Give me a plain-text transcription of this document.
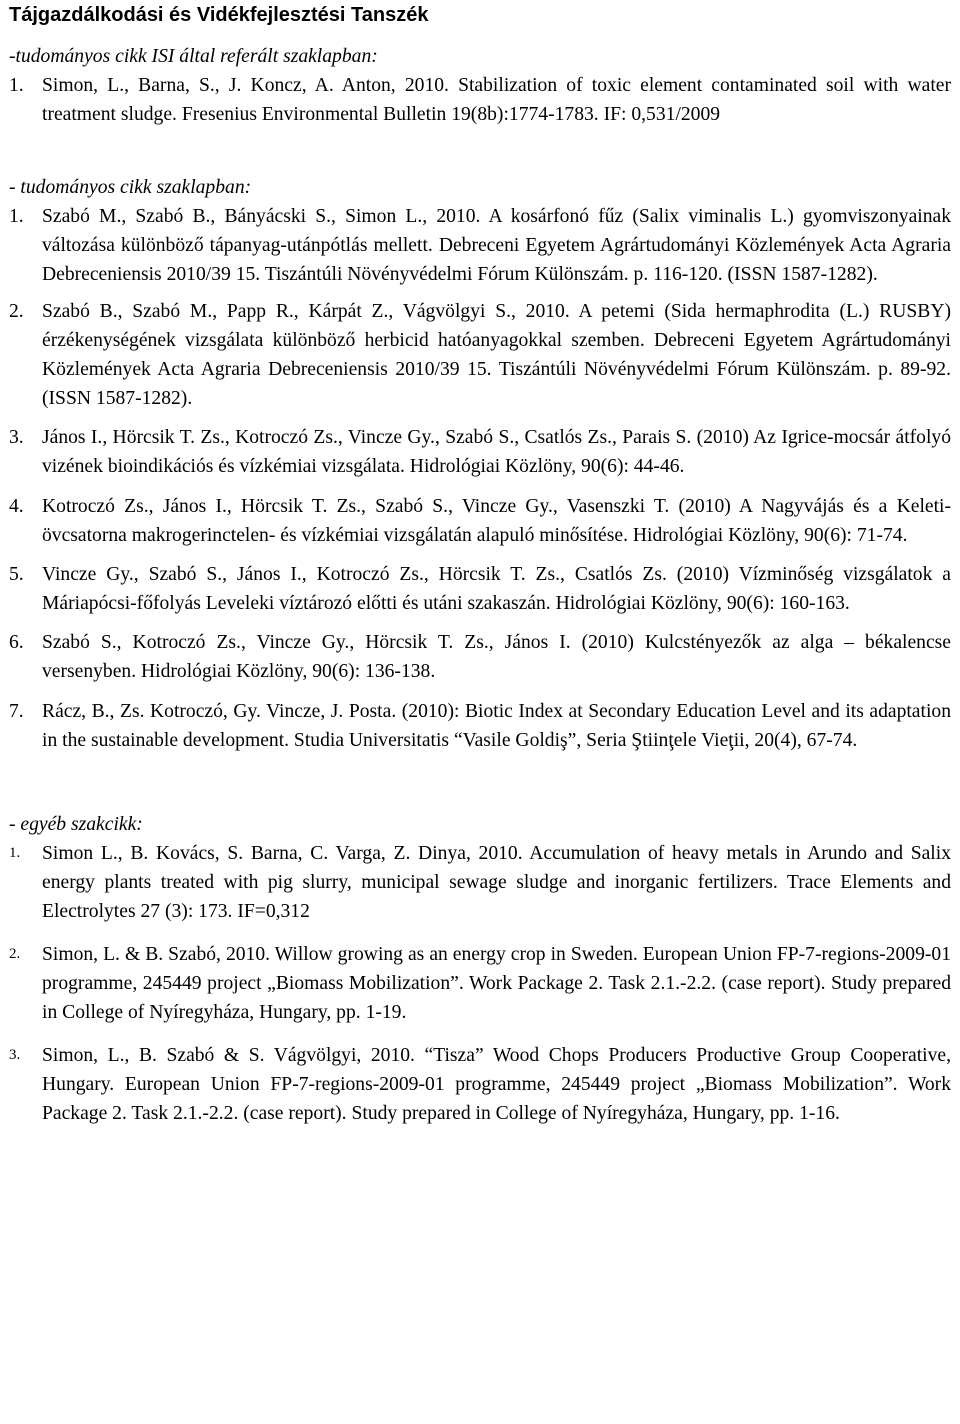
Tájgazdálkodási és Vidékfejlesztési Tanszék

-tudományos cikk ISI által referált szaklapban:

1. Simon, L., Barna, S., J. Koncz, A. Anton, 2010. Stabilization of toxic element contaminated soil with water treatment sludge. Fresenius Environmental Bulletin 19(8b):1774-1783. IF: 0,531/2009

- tudományos cikk szaklapban:

1. Szabó M., Szabó B., Bányácski S., Simon L., 2010. A kosárfonó fűz (Salix viminalis L.) gyomviszonyainak változása különböző tápanyag-utánpótlás mellett. Debreceni Egyetem Agrártudományi Közlemények Acta Agraria Debreceniensis 2010/39 15. Tiszántúli Növényvédelmi Fórum Különszám. p. 116-120. (ISSN 1587-1282).
2. Szabó B., Szabó M., Papp R., Kárpát Z., Vágvölgyi S., 2010. A petemi (Sida hermaphrodita (L.) RUSBY) érzékenységének vizsgálata különböző herbicid hatóanyagokkal szemben. Debreceni Egyetem Agrártudományi Közlemények Acta Agraria Debreceniensis 2010/39 15. Tiszántúli Növényvédelmi Fórum Különszám. p. 89-92. (ISSN 1587-1282).
3. János I., Hörcsik T. Zs., Kotroczó Zs., Vincze Gy., Szabó S., Csatlós Zs., Parais S. (2010) Az Igrice-mocsár átfolyó vizének bioindikációs és vízkémiai vizsgálata. Hidrológiai Közlöny, 90(6): 44-46.
4. Kotroczó Zs., János I., Hörcsik T. Zs., Szabó S., Vincze Gy., Vasenszki T. (2010) A Nagyvájás és a Keleti-övcsatorna makrogerinctelen- és vízkémiai vizsgálatán alapuló minősítése. Hidrológiai Közlöny, 90(6): 71-74.
5. Vincze Gy., Szabó S., János I., Kotroczó Zs., Hörcsik T. Zs., Csatlós Zs. (2010) Vízminőség vizsgálatok a Máriapócsi-főfolyás Leveleki víztározó előtti és utáni szakaszán. Hidrológiai Közlöny, 90(6): 160-163.
6. Szabó S., Kotroczó Zs., Vincze Gy., Hörcsik T. Zs., János I. (2010) Kulcstényezők az alga – békalencse versenyben. Hidrológiai Közlöny, 90(6): 136-138.
7. Rácz, B., Zs. Kotroczó, Gy. Vincze, J. Posta. (2010): Biotic Index at Secondary Education Level and its adaptation in the sustainable development. Studia Universitatis “Vasile Goldiş”, Seria Ştiinţele Vieţii, 20(4), 67-74.

- egyéb szakcikk:

1. Simon L., B. Kovács, S. Barna, C. Varga, Z. Dinya, 2010. Accumulation of heavy metals in Arundo and Salix energy plants treated with pig slurry, municipal sewage sludge and inorganic fertilizers. Trace Elements and Electrolytes 27 (3): 173. IF=0,312
2. Simon, L. & B. Szabó, 2010. Willow growing as an energy crop in Sweden. European Union FP-7-regions-2009-01 programme, 245449 project „Biomass Mobilization”. Work Package 2. Task 2.1.-2.2. (case report). Study prepared in College of Nyíregyháza, Hungary, pp. 1-19.
3. Simon, L., B. Szabó & S. Vágvölgyi, 2010. “Tisza” Wood Chops Producers Productive Group Cooperative, Hungary. European Union FP-7-regions-2009-01 programme, 245449 project „Biomass Mobilization”. Work Package 2. Task 2.1.-2.2. (case report). Study prepared in College of Nyíregyháza, Hungary, pp. 1-16.
